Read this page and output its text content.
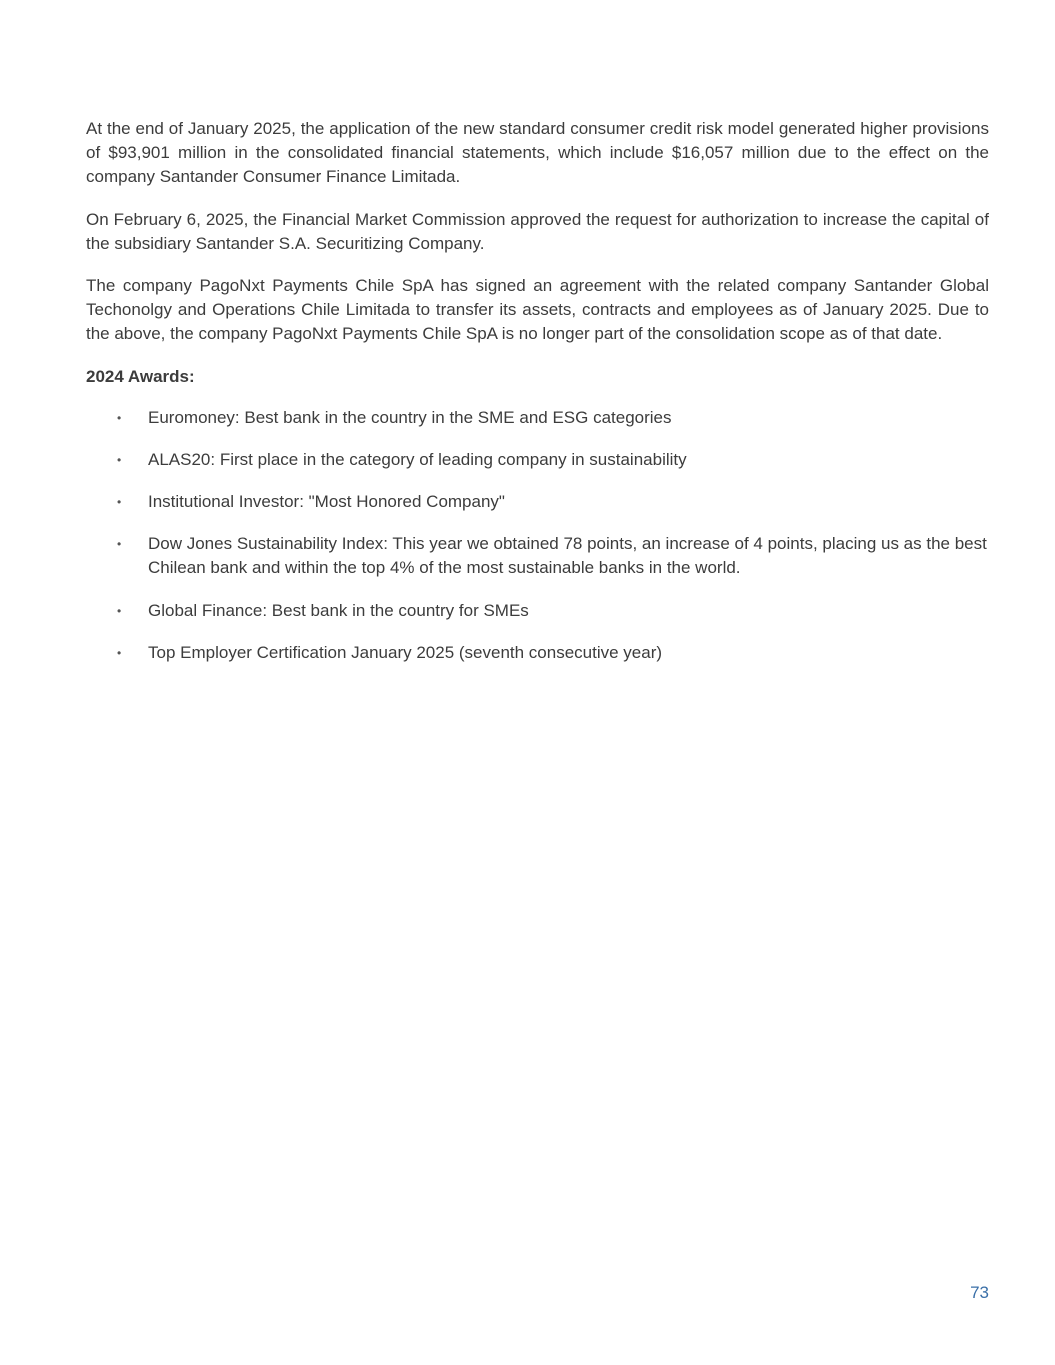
At the end of January 2025, the application of the new standard consumer credit risk model generated higher provisions of $93,901 million in the consolidated financial statements, which include $16,057 million due to the effect on the company Santander Consumer Finance Limitada.

On February 6, 2025, the Financial Market Commission approved the request for authorization to increase the capital of the subsidiary Santander S.A. Securitizing Company.

The company PagoNxt Payments Chile SpA has signed an agreement with the related company Santander Global Techonolgy and Operations Chile Limitada to transfer its assets, contracts and employees as of January 2025. Due to the above, the company PagoNxt Payments Chile SpA is no longer part of the consolidation scope as of that date.

2024 Awards:
• Euromoney: Best bank in the country in the SME and ESG categories
• ALAS20: First place in the category of leading company in sustainability
• Institutional Investor: "Most Honored Company"
• Dow Jones Sustainability Index: This year we obtained 78 points, an increase of 4 points, placing us as the best Chilean bank and within the top 4% of the most sustainable banks in the world.
• Global Finance: Best bank in the country for SMEs
• Top Employer Certification January 2025 (seventh consecutive year)
73
